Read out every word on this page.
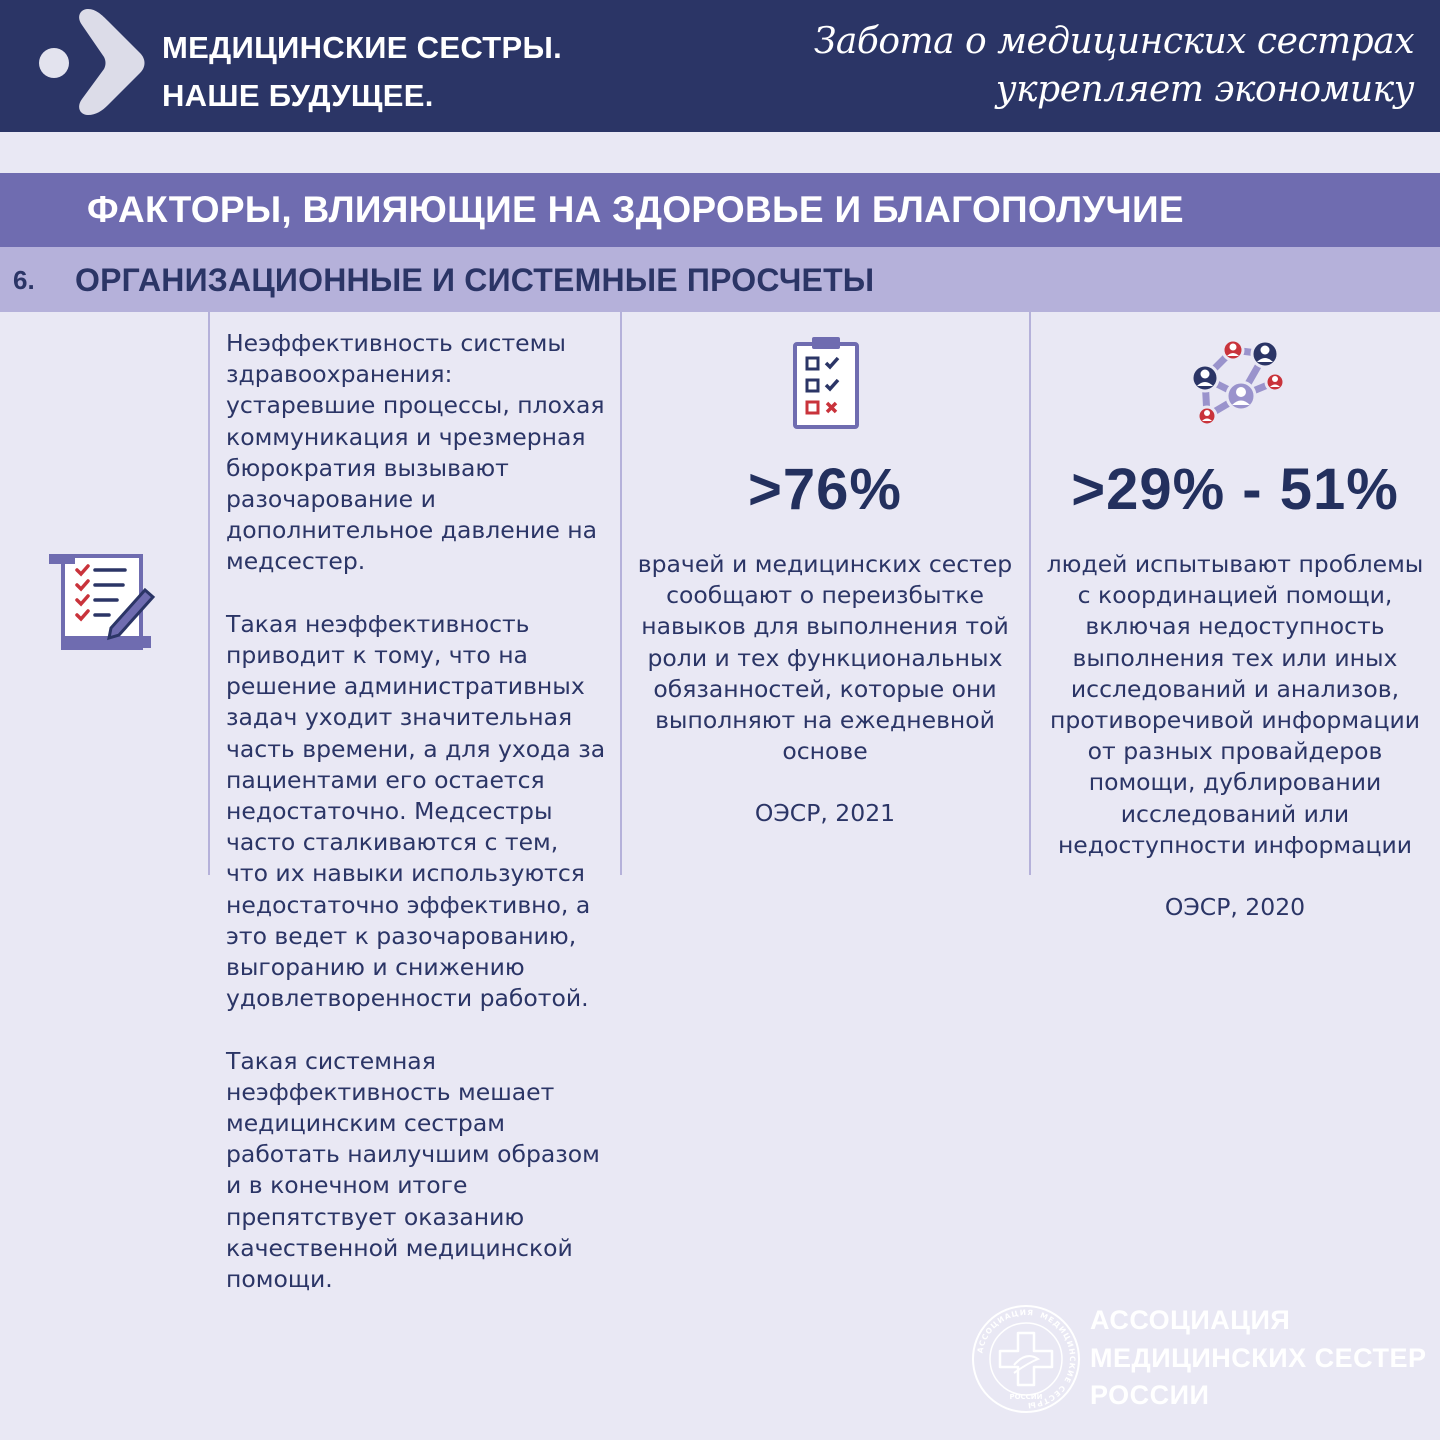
МЕДИЦИНСКИЕ СЕСТРЫ.
НАШЕ БУДУЩЕЕ.
Забота о медицинских сестрах
укрепляет экономику
ФАКТОРЫ, ВЛИЯЮЩИЕ НА ЗДОРОВЬЕ И БЛАГОПОЛУЧИЕ
6. ОРГАНИЗАЦИОННЫЕ И СИСТЕМНЫЕ ПРОСЧЕТЫ

Неэффективность системы здравоохранения: устаревшие процессы, плохая коммуникация и чрезмерная бюрократия вызывают разочарование и дополнительное давление на медсестер.

Такая неэффективность приводит к тому, что на решение административных задач уходит значительная часть времени, а для ухода за пациентами его остается недостаточно. Медсестры часто сталкиваются с тем, что их навыки используются недостаточно эффективно, а это ведет к разочарованию, выгоранию и снижению удовлетворенности работой.

Такая системная неэффективность мешает медицинским сестрам работать наилучшим образом и в конечном итоге препятствует оказанию качественной медицинской помощи.

>76%
врачей и медицинских сестер сообщают о переизбытке навыков для выполнения той роли и тех функциональных обязанностей, которые они выполняют на ежедневной основе
ОЭСР, 2021
>29% - 51%
людей испытывают проблемы с координацией помощи, включая недоступность выполнения тех или иных исследований и анализов, противоречивой информации от разных провайдеров помощи, дублировании исследований или недоступности информации
ОЭСР, 2020
АССОЦИАЦИЯ МЕДИЦИНСКИЕ СЕСТРЫ
РОССИИ
АССОЦИАЦИЯ
МЕДИЦИНСКИХ СЕСТЕР
РОССИИ
